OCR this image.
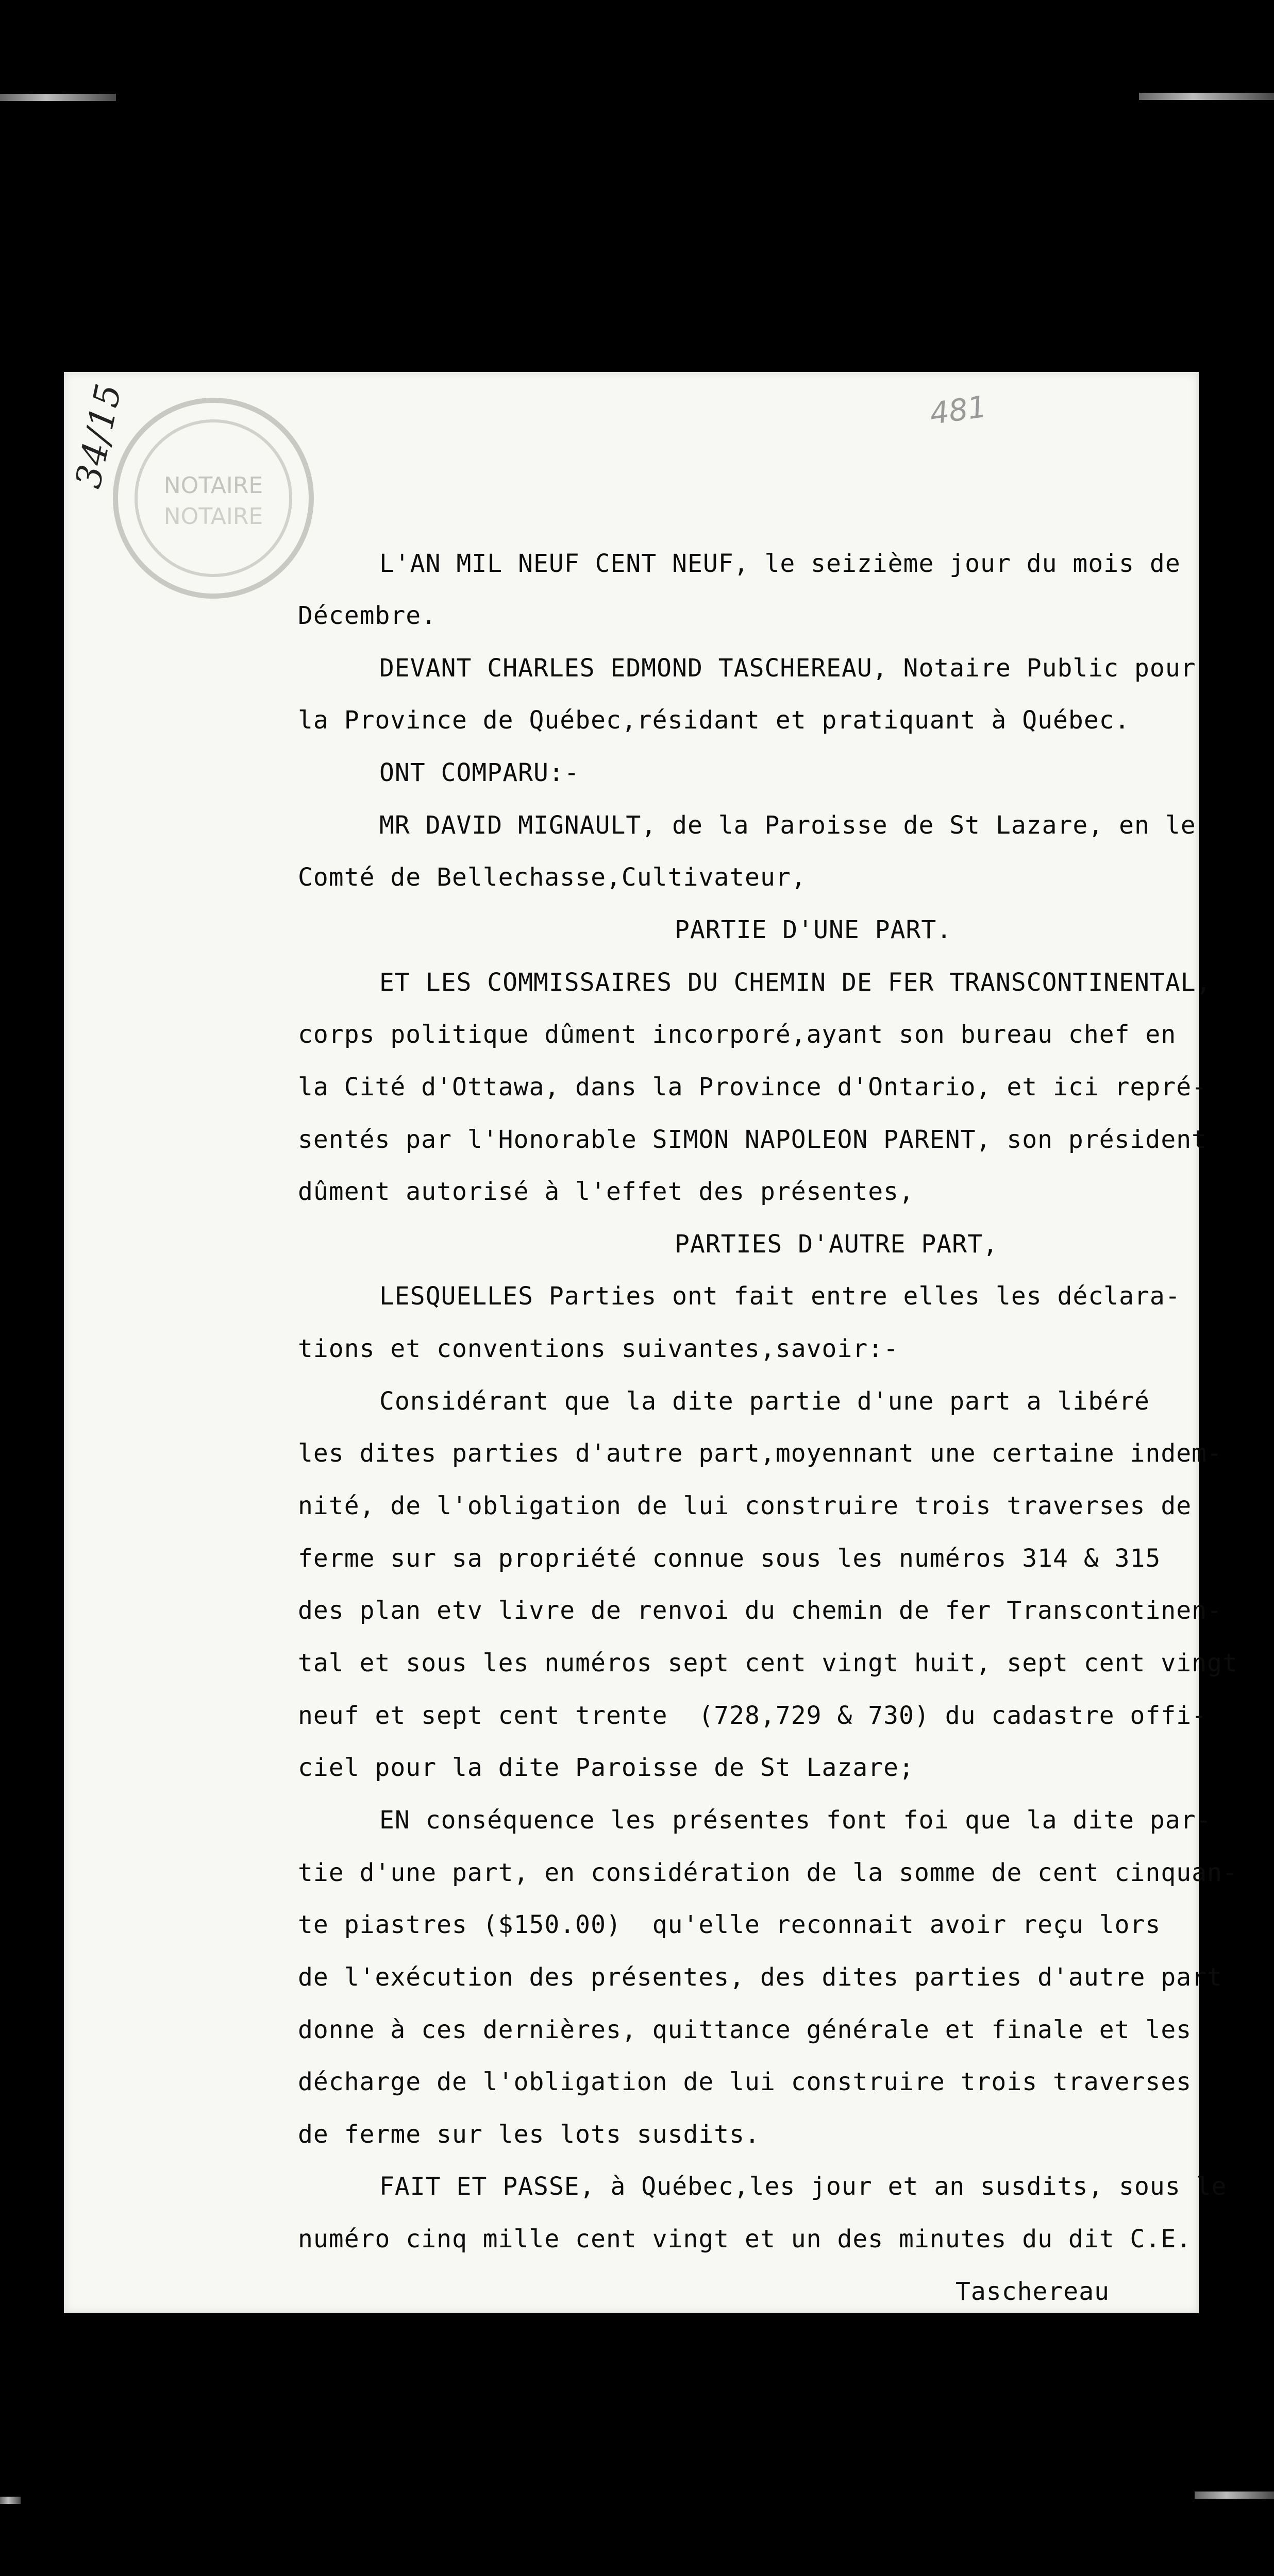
NOTAIRE
NOTAIRE
34/15	481
L'AN MIL NEUF CENT NEUF, le seizième jour du mois de
Décembre.
DEVANT CHARLES EDMOND TASCHEREAU, Notaire Public pour
la Province de Québec,résidant et pratiquant à Québec.
ONT COMPARU:-
MR DAVID MIGNAULT, de la Paroisse de St Lazare, en le
Comté de Bellechasse,Cultivateur,
PARTIE D'UNE PART.
ET LES COMMISSAIRES DU CHEMIN DE FER TRANSCONTINENTAL,
corps politique dûment incorporé,ayant son bureau chef en
la Cité d'Ottawa, dans la Province d'Ontario, et ici repré-
sentés par l'Honorable SIMON NAPOLEON PARENT, son président
dûment autorisé à l'effet des présentes,
PARTIES D'AUTRE PART,
LESQUELLES Parties ont fait entre elles les déclara-
tions et conventions suivantes,savoir:-
Considérant que la dite partie d'une part a libéré
les dites parties d'autre part,moyennant une certaine indem-
nité, de l'obligation de lui construire trois traverses de
ferme sur sa propriété connue sous les numéros 314 & 315
des plan etv livre de renvoi du chemin de fer Transcontinen-
tal et sous les numéros sept cent vingt huit, sept cent vingt
neuf et sept cent trente  (728,729 & 730) du cadastre offi-
ciel pour la dite Paroisse de St Lazare;
EN conséquence les présentes font foi que la dite par-
tie d'une part, en considération de la somme de cent cinquan-
te piastres ($150.00)  qu'elle reconnait avoir reçu lors
de l'exécution des présentes, des dites parties d'autre part
donne à ces dernières, quittance générale et finale et les
décharge de l'obligation de lui construire trois traverses
de ferme sur les lots susdits.
FAIT ET PASSE, à Québec,les jour et an susdits, sous le
numéro cinq mille cent vingt et un des minutes du dit C.E.
Taschereau
